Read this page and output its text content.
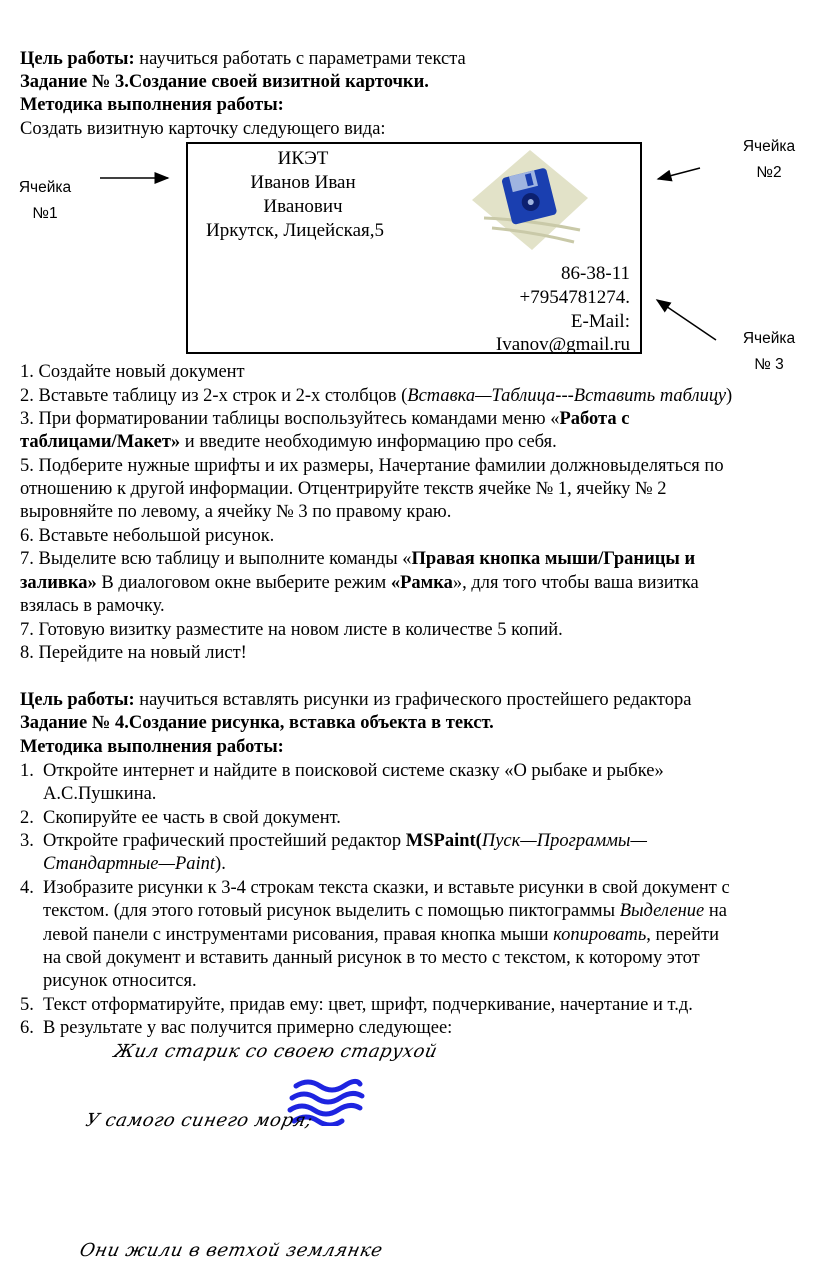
Цель работы: научиться работать с параметрами текста
Задание № 3.Создание своей визитной карточки.
Методика выполнения работы:
Создать визитную карточку следующего вида:
ИКЭТ
Иванов Иван
Иванович
Иркутск, Лицейская,5
86-38-11
+7954781274.
E-Mail:
Ivanov@gmail.ru
Ячейка
№1
Ячейка
№2
Ячейка
№ 3
1. Создайте новый документ
2. Вставьте таблицу из 2-х строк и 2-х столбцов (Вставка—Таблица---Вставить таблицу)
3. При форматировании таблицы воспользуйтесь командами меню «Работа с
таблицами/Макет» и введите необходимую информацию про себя.
5. Подберите нужные шрифты и их размеры, Начертание фамилии должновыделяться по
отношению к другой информации. Отцентрируйте текств ячейке № 1, ячейку № 2
выровняйте по левому, а ячейку № 3 по правому краю.
6. Вставьте небольшой рисунок.
7. Выделите всю таблицу и выполните команды «Правая кнопка мыши/Границы и
заливка» В диалоговом окне выберите режим «Рамка», для того чтобы ваша визитка
взялась в рамочку.
7. Готовую визитку разместите на новом листе в количестве 5 копий.
8. Перейдите на новый лист!
Цель работы: научиться вставлять рисунки из графического простейшего редактора
Задание № 4.Создание рисунка, вставка объекта в текст.
Методика выполнения работы:
1. Откройте интернет и найдите в поисковой системе сказку «О рыбаке и рыбке»
А.С.Пушкина.
2. Скопируйте ее часть в свой документ.
3. Откройте графический простейший редактор MSPaint(Пуск—Программы—
Стандартные—Paint).
4. Изобразите рисунки к 3-4 строкам текста сказки, и вставьте рисунки в свой документ с
текстом. (для этого готовый рисунок выделить с помощью пиктограммы Выделение на
левой панели с инструментами рисования, правая кнопка мыши копировать, перейти
на свой документ и вставить данный рисунок в то место с текстом, к которому этот
рисунок относится.
5. Текст отформатируйте, придав ему: цвет, шрифт, подчеркивание, начертание и т.д.
6. В результате у вас получится примерно следующее:
Жил старик со своею старухой
У самого синего моря;
Они жили в ветхой землянке
